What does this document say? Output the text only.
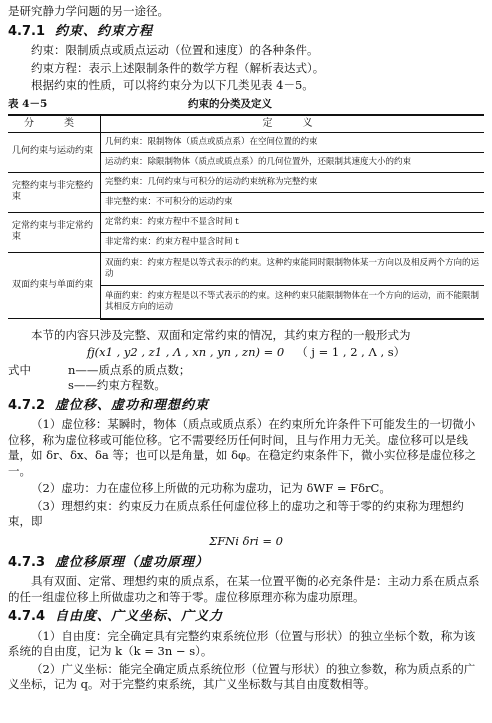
是研究静力学问题的另一途径。

4.7.1 约束、约束方程

约束：限制质点或质点运动（位置和速度）的各种条件。

约束方程：表示上述限制条件的数学方程（解析表达式）。

根据约束的性质，可以将约束分为以下几类见表 4－5。

表 4－5	约束的分类及定义
分　类	定　义
几何约束与运动约束	几何约束：限制物体（质点或质点系）在空间位置的约束
	运动约束：除限制物体（质点或质点系）的几何位置外，还限制其速度大小的约束
完整约束与非完整约束	完整约束：几何约束与可积分的运动约束统称为完整约束
	非完整约束：不可积分的运动约束
定常约束与非定常约束	定常约束：约束方程中不显含时间 t
	非定常约束：约束方程中显含时间 t
双面约束与单面约束	双面约束：约束方程是以等式表示的约束。这种约束能同时限制物体某一方向以及相反两个方向的运动
	单面约束：约束方程是以不等式表示的约束。这种约束只能限制物体在一个方向的运动，而不能限制其相反方向的运动

本节的内容只涉及完整、双面和定常约束的情况，其约束方程的一般形式为

fj(x1 , y2 , z1 , Λ , xn , yn , zn) = 0 （ j = 1 , 2 , Λ , s）
式中	n——质点系的质点数；

s——约束方程数。

4.7.2 虚位移、虚功和理想约束

（1）虚位移：某瞬时，物体（质点或质点系）在约束所允许条件下可能发生的一切微小位移，称为虚位移或可能位移。它不需要经历任何时间，且与作用力无关。虚位移可以是线量，如 δr、δx、δa 等；也可以是角量，如 δφ。在稳定约束条件下，微小实位移是虚位移之一。

（2）虚功：力在虚位移上所做的元功称为虚功，记为 δWF = FδrC。

（3）理想约束：约束反力在质点系任何虚位移上的虚功之和等于零的约束称为理想约束，即

ΣFNi δri = 0
4.7.3 虚位移原理（虚功原理）

具有双面、定常、理想约束的质点系，在某一位置平衡的必充条件是：主动力系在质点系的任一组虚位移上所做虚功之和等于零。虚位移原理亦称为虚功原理。

4.7.4 自由度、广义坐标、广义力

（1）自由度：完全确定具有完整约束系统位形（位置与形状）的独立坐标个数，称为该系统的自由度，记为 k（k = 3n − s）。

（2）广义坐标：能完全确定质点系统位形（位置与形状）的独立参数，称为质点系的广义坐标，记为 q。对于完整约束系统，其广义坐标数与其自由度数相等。
